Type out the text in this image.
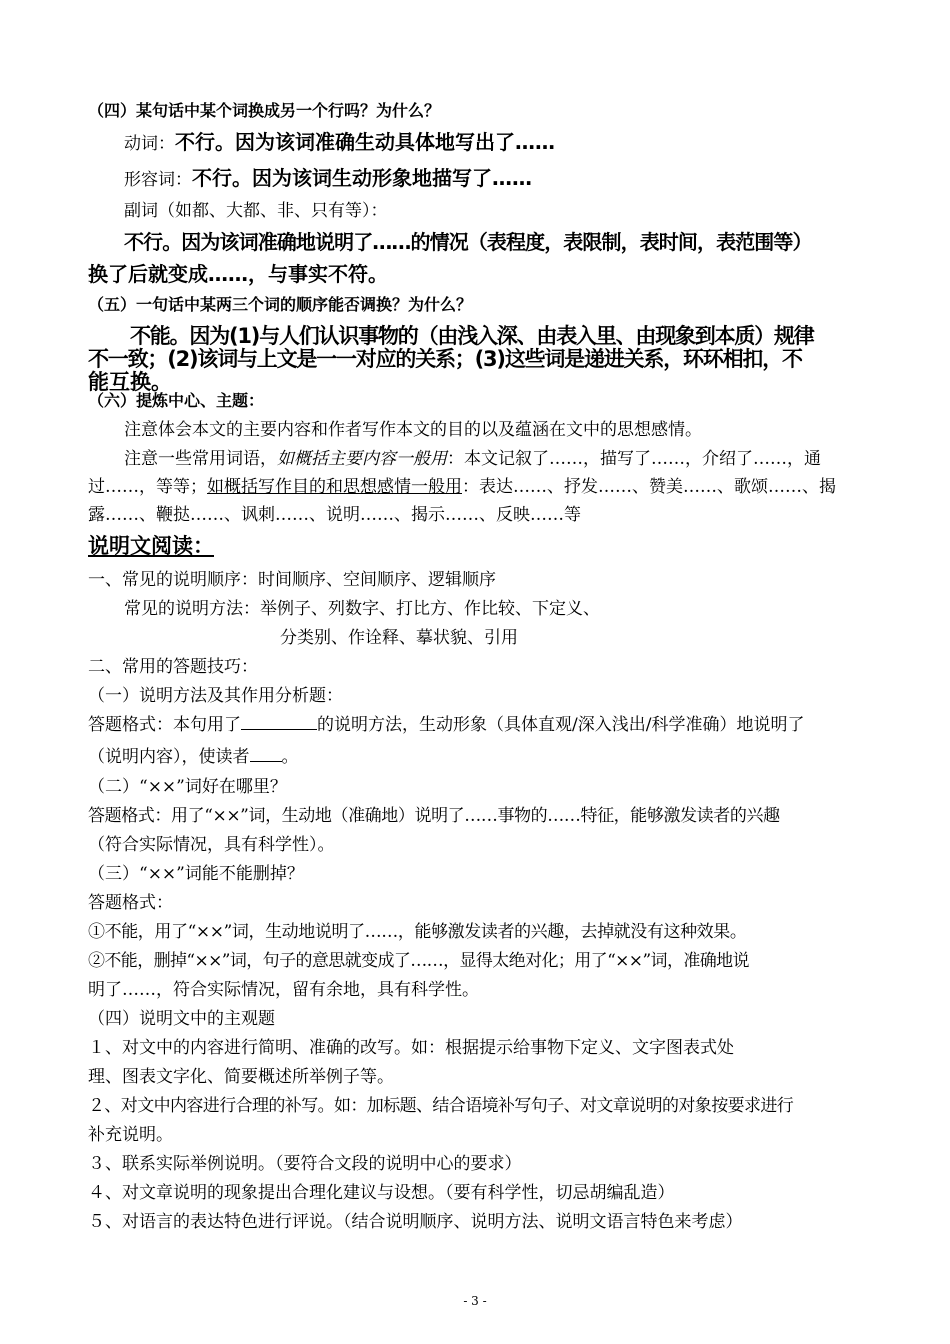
（四）某句话中某个词换成另一个行吗？为什么？
动词：不行。因为该词准确生动具体地写出了……
形容词：不行。因为该词生动形象地描写了……
副词（如都、大都、非、只有等）：
不行。因为该词准确地说明了……的情况（表程度，表限制，表时间，表范围等）
换了后就变成……，与事实不符。
（五）一句话中某两三个词的顺序能否调换？为什么？
不能。因为(1)与人们认识事物的（由浅入深、由表入里、由现象到本质）规律
不一致；(2)该词与上文是一一对应的关系；(3)这些词是递进关系，环环相扣，不
能互换。
（六）提炼中心、主题：
注意体会本文的主要内容和作者写作本文的目的以及蕴涵在文中的思想感情。
注意一些常用词语，如概括主要内容一般用：本文记叙了……，描写了……，介绍了……，通
过……，等等；如概括写作目的和思想感情一般用：表达……、抒发……、赞美……、歌颂……、揭
露……、鞭挞……、讽刺……、说明……、揭示……、反映……等
说明文阅读：
一、常见的说明顺序：时间顺序、空间顺序、逻辑顺序
常见的说明方法：举例子、列数字、打比方、作比较、下定义、
分类别、作诠释、摹状貌、引用
二、常用的答题技巧：
（一）说明方法及其作用分析题：
答题格式：本句用了	的说明方法，生动形象（具体直观/深入浅出/科学准确）地说明了
（说明内容），使读者 。
（二）“××”词好在哪里？
答题格式：用了“××”词，生动地（准确地）说明了……事物的……特征，能够激发读者的兴趣
（符合实际情况，具有科学性）。
（三）“××”词能不能删掉？
答题格式：
①不能，用了“××”词，生动地说明了……，能够激发读者的兴趣，去掉就没有这种效果。
②不能，删掉“××”词，句子的意思就变成了……，显得太绝对化；用了“××”词，准确地说
明了……，符合实际情况，留有余地，具有科学性。
（四）说明文中的主观题
１、对文中的内容进行简明、准确的改写。如：根据提示给事物下定义、文字图表式处
理、图表文字化、简要概述所举例子等。
２、对文中内容进行合理的补写。如：加标题、结合语境补写句子、对文章说明的对象按要求进行
补充说明。
３、联系实际举例说明。（要符合文段的说明中心的要求）
４、对文章说明的现象提出合理化建议与设想。（要有科学性，切忌胡编乱造）
５、对语言的表达特色进行评说。（结合说明顺序、说明方法、说明文语言特色来考虑）
- 3 -
